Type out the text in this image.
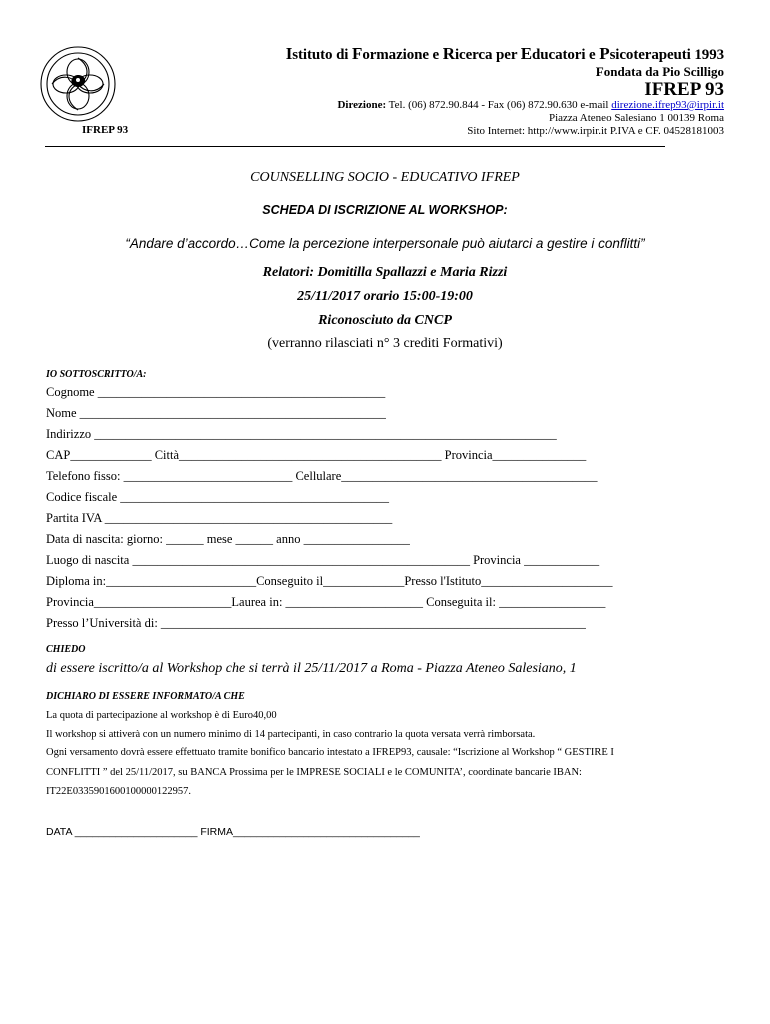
IFREP 93
Istituto di Formazione e Ricerca per Educatori e Psicoterapeuti 1993
Fondata da Pio Scilligo
IFREP 93
Direzione: Tel. (06) 872.90.844 - Fax (06) 872.90.630 e-mail direzione.ifrep93@irpir.it
Piazza Ateneo Salesiano 1 00139 Roma
Sito Internet: http://www.irpir.it P.IVA e CF. 04528181003
COUNSELLING SOCIO - EDUCATIVO IFREP
SCHEDA DI ISCRIZIONE AL WORKSHOP:
“Andare d’accordo…Come la percezione interpersonale può aiutarci a gestire i conflitti”
Relatori: Domitilla Spallazzi e Maria Rizzi
25/11/2017 orario 15:00-19:00
Riconosciuto da CNCP
(verranno rilasciati n° 3 crediti Formativi)
IO SOTTOSCRITTO/A:
Cognome ______________________________________________
Nome _________________________________________________
Indirizzo __________________________________________________________________________
CAP_____________ Città__________________________________________ Provincia_______________
Telefono fisso: ___________________________ Cellulare_________________________________________
Codice fiscale ___________________________________________
Partita IVA ______________________________________________
Data di nascita: giorno: ______ mese ______ anno _________________
Luogo di nascita ______________________________________________________ Provincia ____________
Diploma in:________________________Conseguito il_____________Presso l'Istituto_____________________
Provincia______________________Laurea in: ______________________ Conseguita il: _________________
Presso l’Università di: ____________________________________________________________________
CHIEDO
di essere iscritto/a al Workshop che si terrà il 25/11/2017 a Roma - Piazza Ateneo Salesiano, 1
DICHIARO DI ESSERE INFORMATO/A CHE
La quota di partecipazione al workshop è di Euro40,00
Il workshop si attiverà con un numero minimo di 14 partecipanti, in caso contrario la quota versata verrà rimborsata.
Ogni versamento dovrà essere effettuato tramite bonifico bancario intestato a IFREP93, causale: “Iscrizione al Workshop “ GESTIRE I
CONFLITTI ” del 25/11/2017, su BANCA Prossima per le IMPRESE SOCIALI e le COMUNITA’, coordinate bancarie IBAN:
IT22E0335901600100000122957.
DATA _____________________ FIRMA________________________________
